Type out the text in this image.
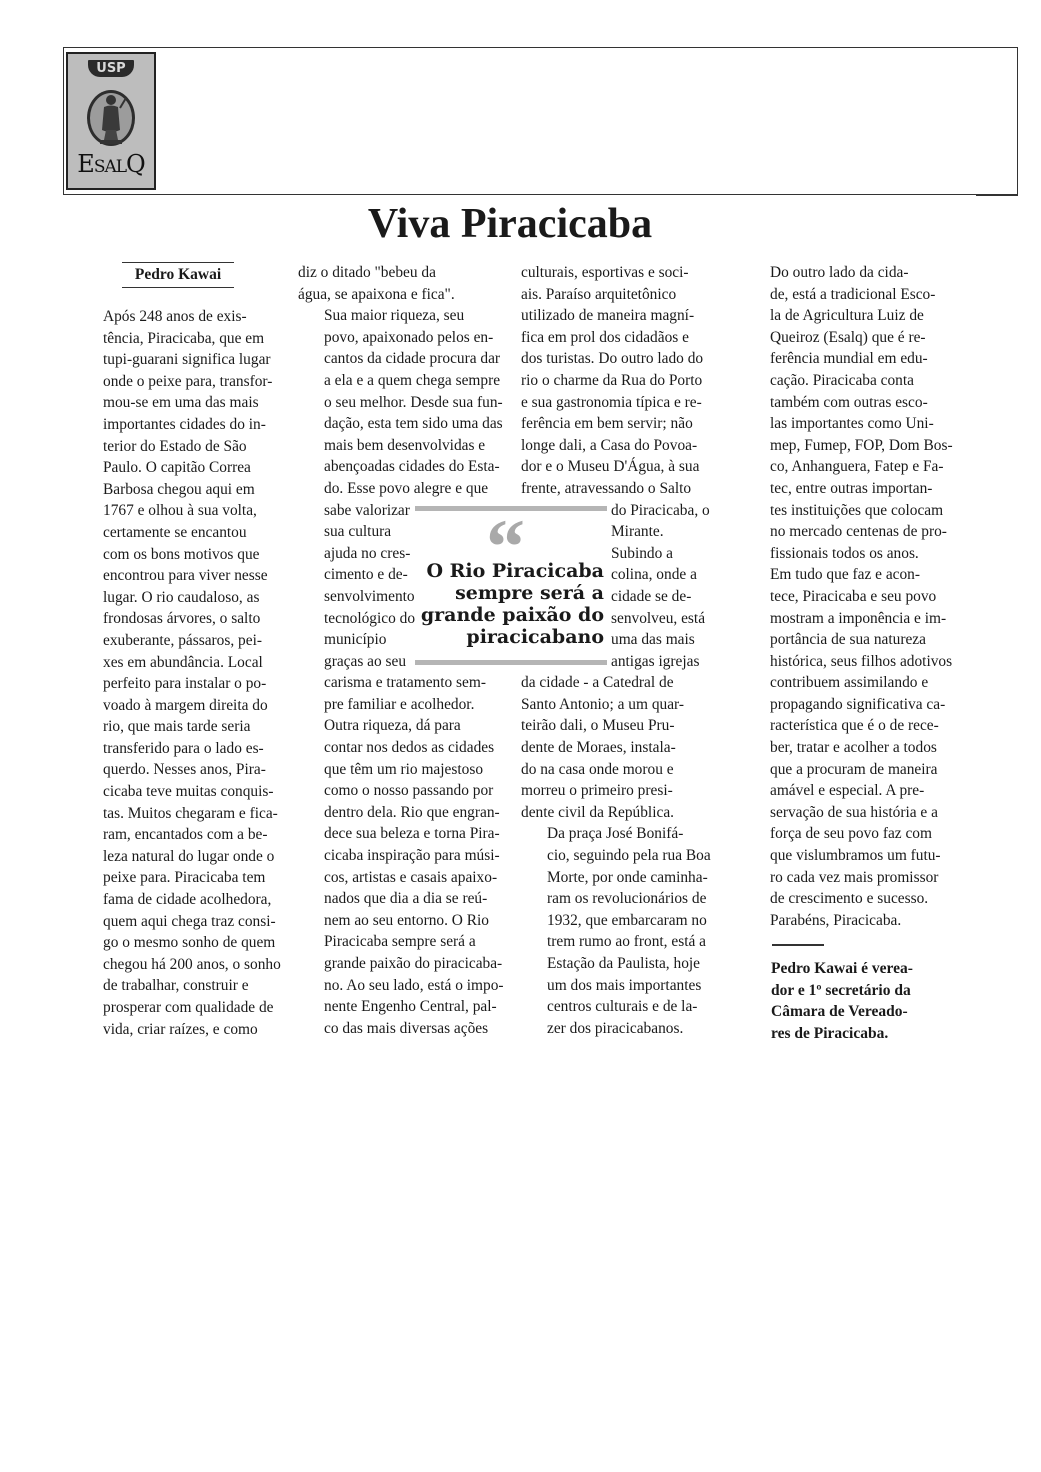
USP
ESALQ
Viva Piracicaba
Pedro Kawai

Após 248 anos de exis-
tência, Piracicaba, que em
tupi-guarani significa lugar
onde o peixe para, transfor-
mou-se em uma das mais
importantes cidades do in-
terior do Estado de São
Paulo. O capitão Correa
Barbosa chegou aqui em
1767 e olhou à sua volta,
certamente se encantou
com os bons motivos que
encontrou para viver nesse
lugar. O rio caudaloso, as
frondosas árvores, o salto
exuberante, pássaros, pei-
xes em abundância. Local
perfeito para instalar o po-
voado à margem direita do
rio, que mais tarde seria
transferido para o lado es-
querdo. Nesses anos, Pira-
cicaba teve muitas conquis-
tas. Muitos chegaram e fica-
ram, encantados com a be-
leza natural do lugar onde o
peixe para. Piracicaba tem
fama de cidade acolhedora,
quem aqui chega traz consi-
go o mesmo sonho de quem
chegou há 200 anos, o sonho
de trabalhar, construir e
prosperar com qualidade de
vida, criar raízes, e como

diz o ditado "bebeu da
água, se apaixona e fica".

Sua maior riqueza, seu
povo, apaixonado pelos en-
cantos da cidade procura dar
a ela e a quem chega sempre
o seu melhor. Desde sua fun-
dação, esta tem sido uma das
mais bem desenvolvidas e
abençoadas cidades do Esta-
do. Esse povo alegre e que
sabe valorizar
sua cultura
ajuda no cres-
cimento e de-
senvolvimento
tecnológico do
município
graças ao seu
carisma e tratamento sem-
pre familiar e acolhedor.

Outra riqueza, dá para
contar nos dedos as cidades
que têm um rio majestoso
como o nosso passando por
dentro dela. Rio que engran-
dece sua beleza e torna Pira-
cicaba inspiração para músi-
cos, artistas e casais apaixo-
nados que dia a dia se reú-
nem ao seu entorno. O Rio
Piracicaba sempre será a
grande paixão do piracicaba-
no. Ao seu lado, está o impo-
nente Engenho Central, pal-
co das mais diversas ações

culturais, esportivas e soci-
ais. Paraíso arquitetônico
utilizado de maneira magní-
fica em prol dos cidadãos e
dos turistas. Do outro lado do
rio o charme da Rua do Porto
e sua gastronomia típica e re-
ferência em bem servir; não
longe dali, a Casa do Povoa-
dor e o Museu D'Água, à sua
frente, atravessando o Salto

do Piracicaba, o
Mirante.
Subindo a
colina, onde a
cidade se de-
senvolveu, está
uma das mais
antigas igrejas

da cidade - a Catedral de
Santo Antonio; a um quar-
teirão dali, o Museu Pru-
dente de Moraes, instala-
do na casa onde morou e
morreu o primeiro presi-
dente civil da República.

Da praça José Bonifá-
cio, seguindo pela rua Boa
Morte, por onde caminha-
ram os revolucionários de
1932, que embarcaram no
trem rumo ao front, está a
Estação da Paulista, hoje
um dos mais importantes
centros culturais e de la-
zer dos piracicabanos.

Do outro lado da cida-
de, está a tradicional Esco-
la de Agricultura Luiz de
Queiroz (Esalq) que é re-
ferência mundial em edu-
cação. Piracicaba conta
também com outras esco-
las importantes como Uni-
mep, Fumep, FOP, Dom Bos-
co, Anhanguera, Fatep e Fa-
tec, entre outras importan-
tes instituições que colocam
no mercado centenas de pro-
fissionais todos os anos.

Em tudo que faz e acon-
tece, Piracicaba e seu povo
mostram a imponência e im-
portância de sua natureza
histórica, seus filhos adotivos
contribuem assimilando e
propagando significativa ca-
racterística que é o de rece-
ber, tratar e acolher a todos
que a procuram de maneira
amável e especial. A pre-
servação de sua história e a
força de seu povo faz com
que vislumbramos um futu-
ro cada vez mais promissor
de crescimento e sucesso.
Parabéns, Piracicaba.

“
O Rio Piracicaba
sempre será a
grande paixão do
piracicabano
Pedro Kawai é verea-
dor e 1º secretário da
Câmara de Vereado-
res de Piracicaba.
